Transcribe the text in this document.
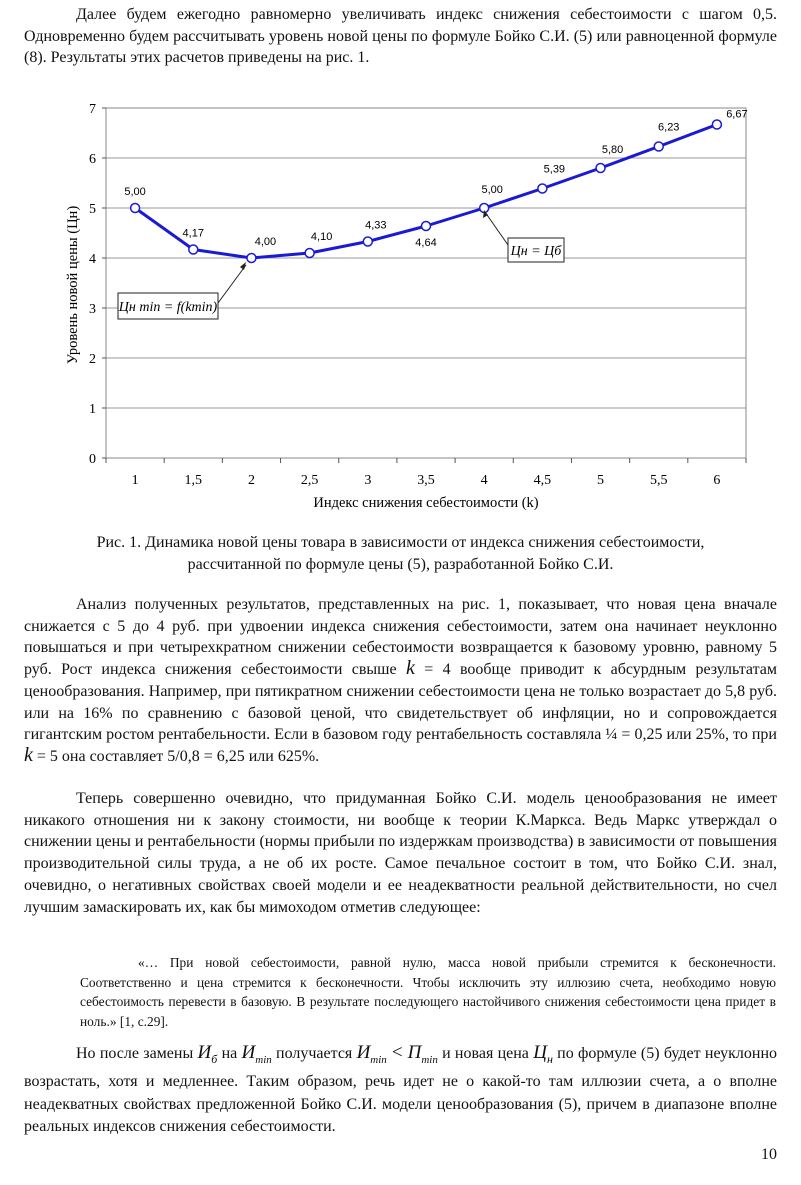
Далее будем ежегодно равномерно увеличивать индекс снижения себестоимости с шагом 0,5. Одновременно будем рассчитывать уровень новой цены по формуле Бойко С.И. (5) или равноценной формуле (8). Результаты этих расчетов приведены на рис. 1.

0
1
2
3
4
5
6
7
1	1,5	2	2,5	3	3,5	4	4,5	5	5,5	6
5,00
4,17
4,00	4,10
4,33
4,64
5,00
5,39
5,80
6,23
6,67
Уровень новой цены (Цн)
Индекс снижения себестоимости (k)
Цн min = f(kmin)
Цн = Цб
Рис. 1. Динамика новой цены товара в зависимости от индекса снижения себестоимости,
рассчитанной по формуле цены (5), разработанной Бойко С.И.

Анализ полученных результатов, представленных на рис. 1, показывает, что новая цена вначале снижается с 5 до 4 руб. при удвоении индекса снижения себестоимости, затем она начинает неуклонно повышаться и при четырехкратном снижении себестоимости возвращается к базовому уровню, равному 5 руб. Рост индекса снижения себестоимости свыше k = 4 вообще приводит к абсурдным результатам ценообразования. Например, при пятикратном снижении себестоимости цена не только возрастает до 5,8 руб. или на 16% по сравнению с базовой ценой, что свидетельствует об инфляции, но и сопровождается гигантским ростом рентабельности. Если в базовом году рентабельность составляла ¼ = 0,25 или 25%, то при k = 5 она составляет 5/0,8 = 6,25 или 625%.

Теперь совершенно очевидно, что придуманная Бойко С.И. модель ценообразования не имеет никакого отношения ни к закону стоимости, ни вообще к теории К.Маркса. Ведь Маркс утверждал о снижении цены и рентабельности (нормы прибыли по издержкам производства) в зависимости от повышения производительной силы труда, а не об их росте. Самое печальное состоит в том, что Бойко С.И. знал, очевидно, о негативных свойствах своей модели и ее неадекватности реальной действительности, но счел лучшим замаскировать их, как бы мимоходом отметив следующее:

«… При новой себестоимости, равной нулю, масса новой прибыли стремится к бесконечности. Соответственно и цена стремится к бесконечности. Чтобы исключить эту иллюзию счета, необходимо новую себестоимость перевести в базовую. В результате последующего настойчивого снижения себестоимости цена придет в ноль.» [1, с.29].

Но после замены $И_б$ на $И_{min}$ получается $И_{min} < П_{min}$ и новая цена $Ц_н$ по формуле (5) будет неуклонно возрастать, хотя и медленнее. Таким образом, речь идет не о какой-то там иллюзии счета, а о вполне неадекватных свойствах предложенной Бойко С.И. модели ценообразования (5), причем в диапазоне вполне реальных индексов снижения себестоимости.

10
